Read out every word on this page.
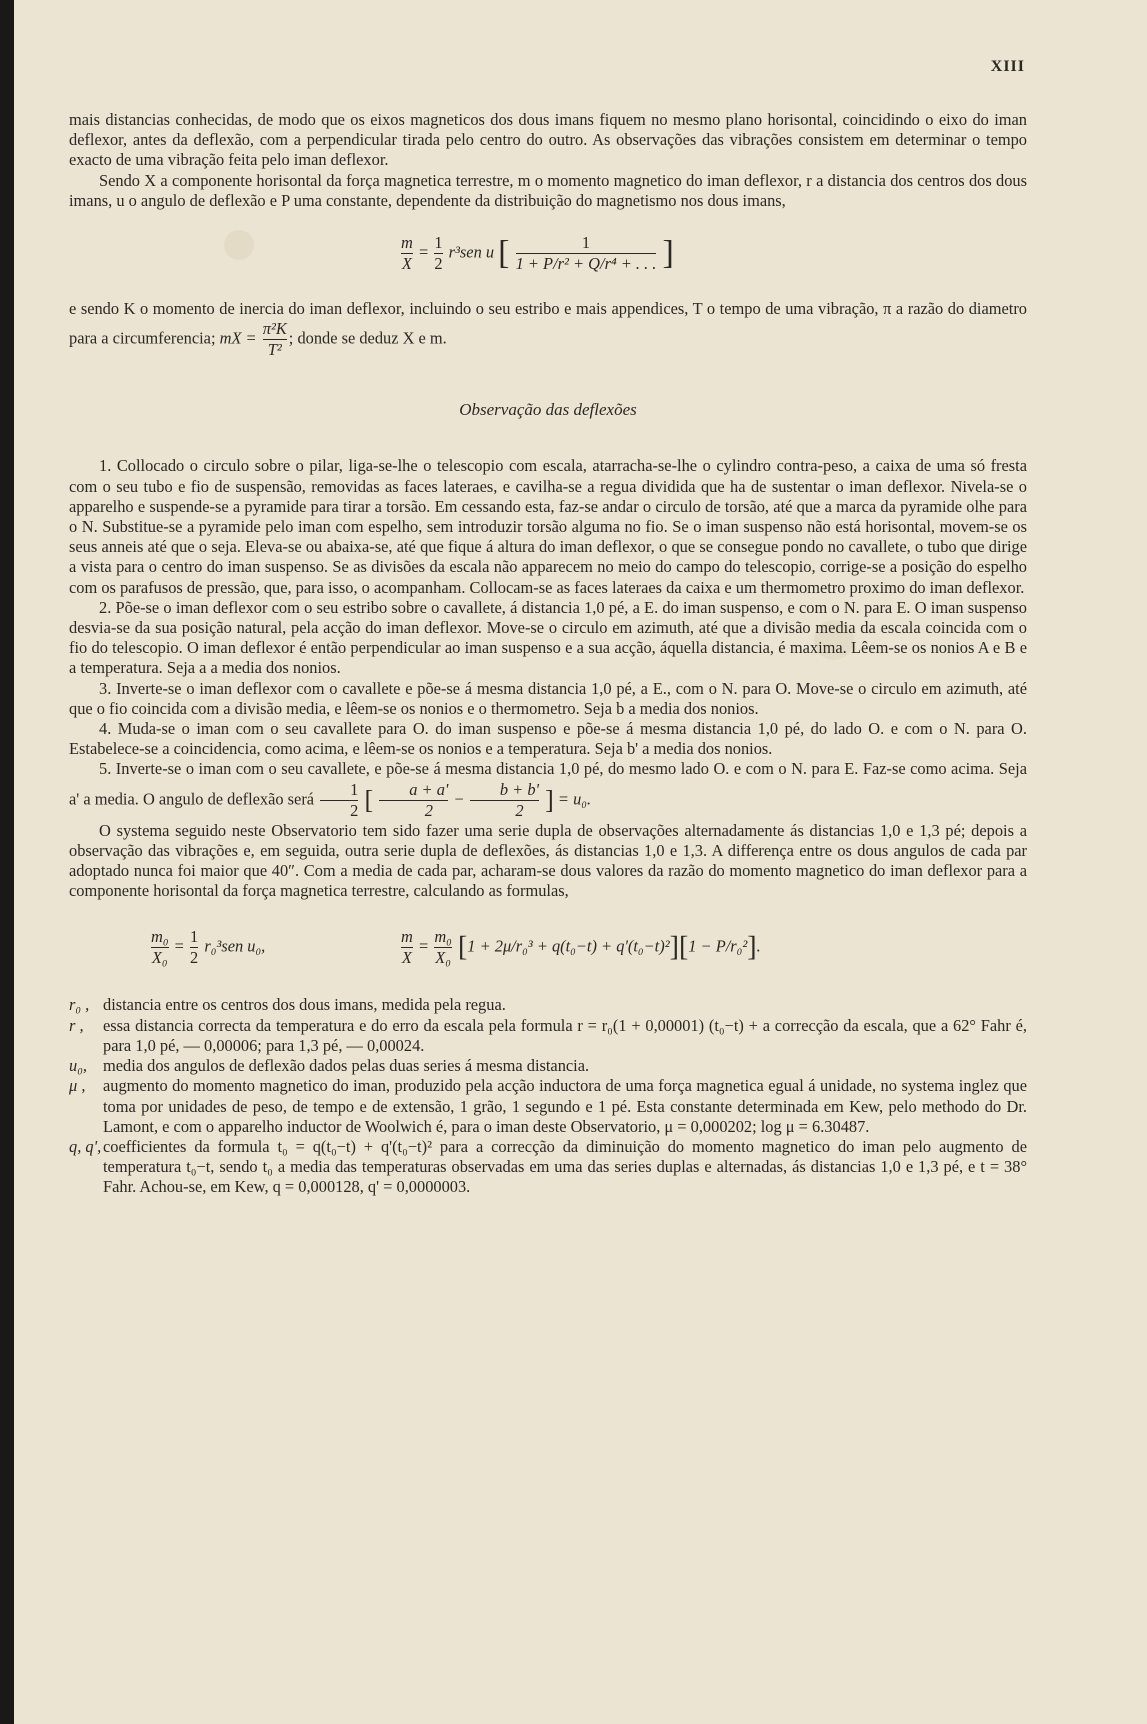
XIII

mais distancias conhecidas, de modo que os eixos magneticos dos dous imans fiquem no mesmo plano horisontal, coincidindo o eixo do iman deflexor, antes da deflexão, com a perpendicular tirada pelo centro do outro. As observações das vibrações consistem em determinar o tempo exacto de uma vibração feita pelo iman deflexor.

Sendo X a componente horisontal da força magnetica terrestre, m o momento magnetico do iman deflexor, r a distancia dos centros dos dous imans, u o angulo de deflexão e P uma constante, dependente da distribuição do magnetismo nos dous imans,

$\frac{m}{X} = \frac{1}{2} r^3sen$ u [ $\frac{1}{\text{1 + P/r² + Q/r⁴ + . . .}}$ ]

e sendo K o momento de inercia do iman deflexor, incluindo o seu estribo e mais appendices, T o tempo de uma vibração, π a razão do diametro para a circumferencia; mX = $\frac{\text{π²K}}{\text{T²}}$ ; donde se deduz X e m.

Observação das deflexões

1. Collocado o circulo sobre o pilar, liga-se-lhe o telescopio com escala, atarracha-se-lhe o cylindro contra-peso, a caixa de uma só fresta com o seu tubo e fio de suspensão, removidas as faces lateraes, e cavilha-se a regua dividida que ha de sustentar o iman deflexor. Nivela-se o apparelho e suspende-se a pyramide para tirar a torsão. Em cessando esta, faz-se andar o circulo de torsão, até que a marca da pyramide olhe para o N. Substitue-se a pyramide pelo iman com espelho, sem introduzir torsão alguma no fio. Se o iman suspenso não está horisontal, movem-se os seus anneis até que o seja. Eleva-se ou abaixa-se, até que fique á altura do iman deflexor, o que se consegue pondo no cavallete, o tubo que dirige a vista para o centro do iman suspenso. Se as divisões da escala não apparecem no meio do campo do telescopio, corrige-se a posição do espelho com os parafusos de pressão, que, para isso, o acompanham. Collocam-se as faces lateraes da caixa e um thermometro proximo do iman deflexor.

2. Põe-se o iman deflexor com o seu estribo sobre o cavallete, á distancia 1,0 pé, a E. do iman suspenso, e com o N. para E. O iman suspenso desvia-se da sua posição natural, pela acção do iman deflexor. Move-se o circulo em azimuth, até que a divisão media da escala coincida com o fio do telescopio. O iman deflexor é então perpendicular ao iman suspenso e a sua acção, áquella distancia, é maxima. Lêem-se os nonios A e B e a temperatura. Seja a a media dos nonios.

3. Inverte-se o iman deflexor com o cavallete e põe-se á mesma distancia 1,0 pé, a E., com o N. para O. Move-se o circulo em azimuth, até que o fio coincida com a divisão media, e lêem-se os nonios e o thermometro. Seja b a media dos nonios.

4. Muda-se o iman com o seu cavallete para O. do iman suspenso e põe-se á mesma distancia 1,0 pé, do lado O. e com o N. para O. Estabelece-se a coincidencia, como acima, e lêem-se os nonios e a temperatura. Seja b' a media dos nonios.

5. Inverte-se o iman com o seu cavallete, e põe-se á mesma distancia 1,0 pé, do mesmo lado O. e com o N. para E. Faz-se como acima. Seja a' a media. O angulo de deflexão será $\frac{1}{2}$ [ $\frac{a + a'}{2} - \frac{b + b'}{2}$ ] = u₀.

O systema seguido neste Observatorio tem sido fazer uma serie dupla de observações alternadamente ás distancias 1,0 e 1,3 pé; depois a observação das vibrações e, em seguida, outra serie dupla de deflexões, ás distancias 1,0 e 1,3. A differença entre os dous angulos de cada par adoptado nunca foi maior que 40″. Com a media de cada par, acharam-se dous valores da razão do momento magnetico do iman deflexor para a componente horisontal da força magnetica terrestre, calculando as formulas,

$\frac{\text{m₀}}{\text{X₀}} = \frac{1}{2} r_0^3sen$ u₀,	$\frac{m}{X} = \frac{\text{m₀}}{\text{X₀}} [1 + 2\mu/r_0^3 + q(t_0-t) + q'(t_0-t)^2][1 - P/r_0^2]$.
r₀ , distancia entre os centros dos dous imans, medida pela regua.
r ,	essa distancia correcta da temperatura e do erro da escala pela formula r = r₀(1 + 0,00001) (t₀−t) + a correcção da escala, que a 62° Fahr é, para 1,0 pé, — 0,00006; para 1,3 pé, — 0,00024.
u₀, media dos angulos de deflexão dados pelas duas series á mesma distancia.
μ ,	augmento do momento magnetico do iman, produzido pela acção inductora de uma força magnetica egual á unidade, no systema inglez que toma por unidades de peso, de tempo e de extensão, 1 grão, 1 segundo e 1 pé. Esta constante determinada em Kew, pelo methodo do Dr. Lamont, e com o apparelho inductor de Woolwich é, para o iman deste Observatorio, μ = 0,000202; log μ = 6.30487.
q, q', coefficientes da formula t₀ = q(t₀−t) + q'(t₀−t)² para a correcção da diminuição do momento magnetico do iman pelo augmento de temperatura t₀−t, sendo t₀ a media das temperaturas observadas em uma das series duplas e alternadas, ás distancias 1,0 e 1,3 pé, e t = 38° Fahr. Achou-se, em Kew, q = 0,000128, q' = 0,0000003.
